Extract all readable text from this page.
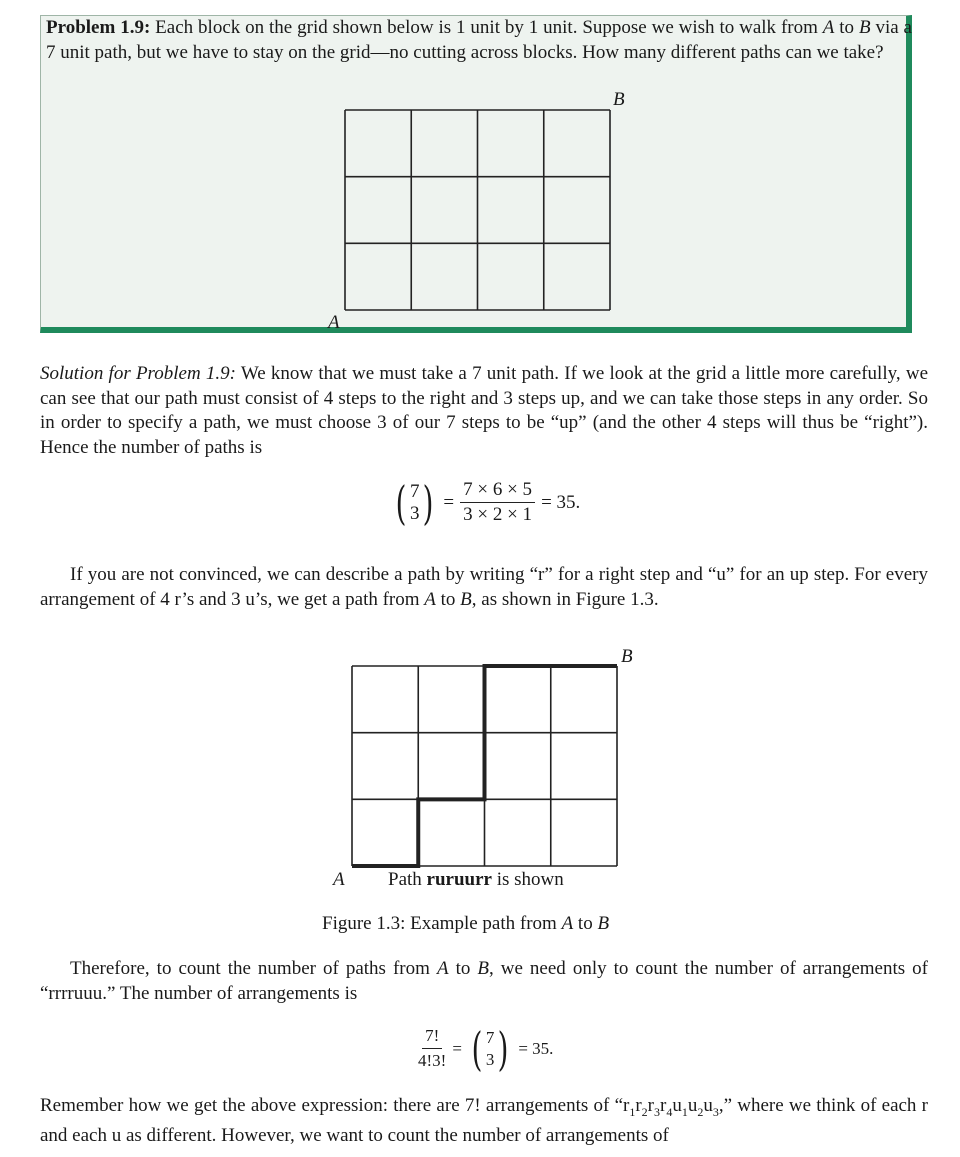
Problem 1.9: Each block on the grid shown below is 1 unit by 1 unit. Suppose we wish to walk from A to B via a 7 unit path, but we have to stay on the grid—no cutting across blocks. How many different paths can we take?

B
A

Solution for Problem 1.9: We know that we must take a 7 unit path. If we look at the grid a little more carefully, we can see that our path must consist of 4 steps to the right and 3 steps up, and we can take those steps in any order. So in order to specify a path, we must choose 3 of our 7 steps to be “up” (and the other 4 steps will thus be “right”). Hence the number of paths is

( 7
3 ) = $\frac{7 \times 6 \times 5}{3 \times 2 \times 1} = 35$.

If you are not convinced, we can describe a path by writing “r” for a right step and “u” for an up step. For every arrangement of 4 r’s and 3 u’s, we get a path from A to B, as shown in Figure 1.3.

B
A Path ruruurr is shown
Figure 1.3: Example path from A to B

Therefore, to count the number of paths from A to B, we need only to count the number of arrangements of “rrrruuu.” The number of arrangements is

$\frac{7!}{4!3!}$ = ( 7
3 ) = 35.

Remember how we get the above expression: there are 7! arrangements of “$r_1r_2r_3r_4u_1u_2u_3$,” where we think of each r and each u as different. However, we want to count the number of arrangements of
